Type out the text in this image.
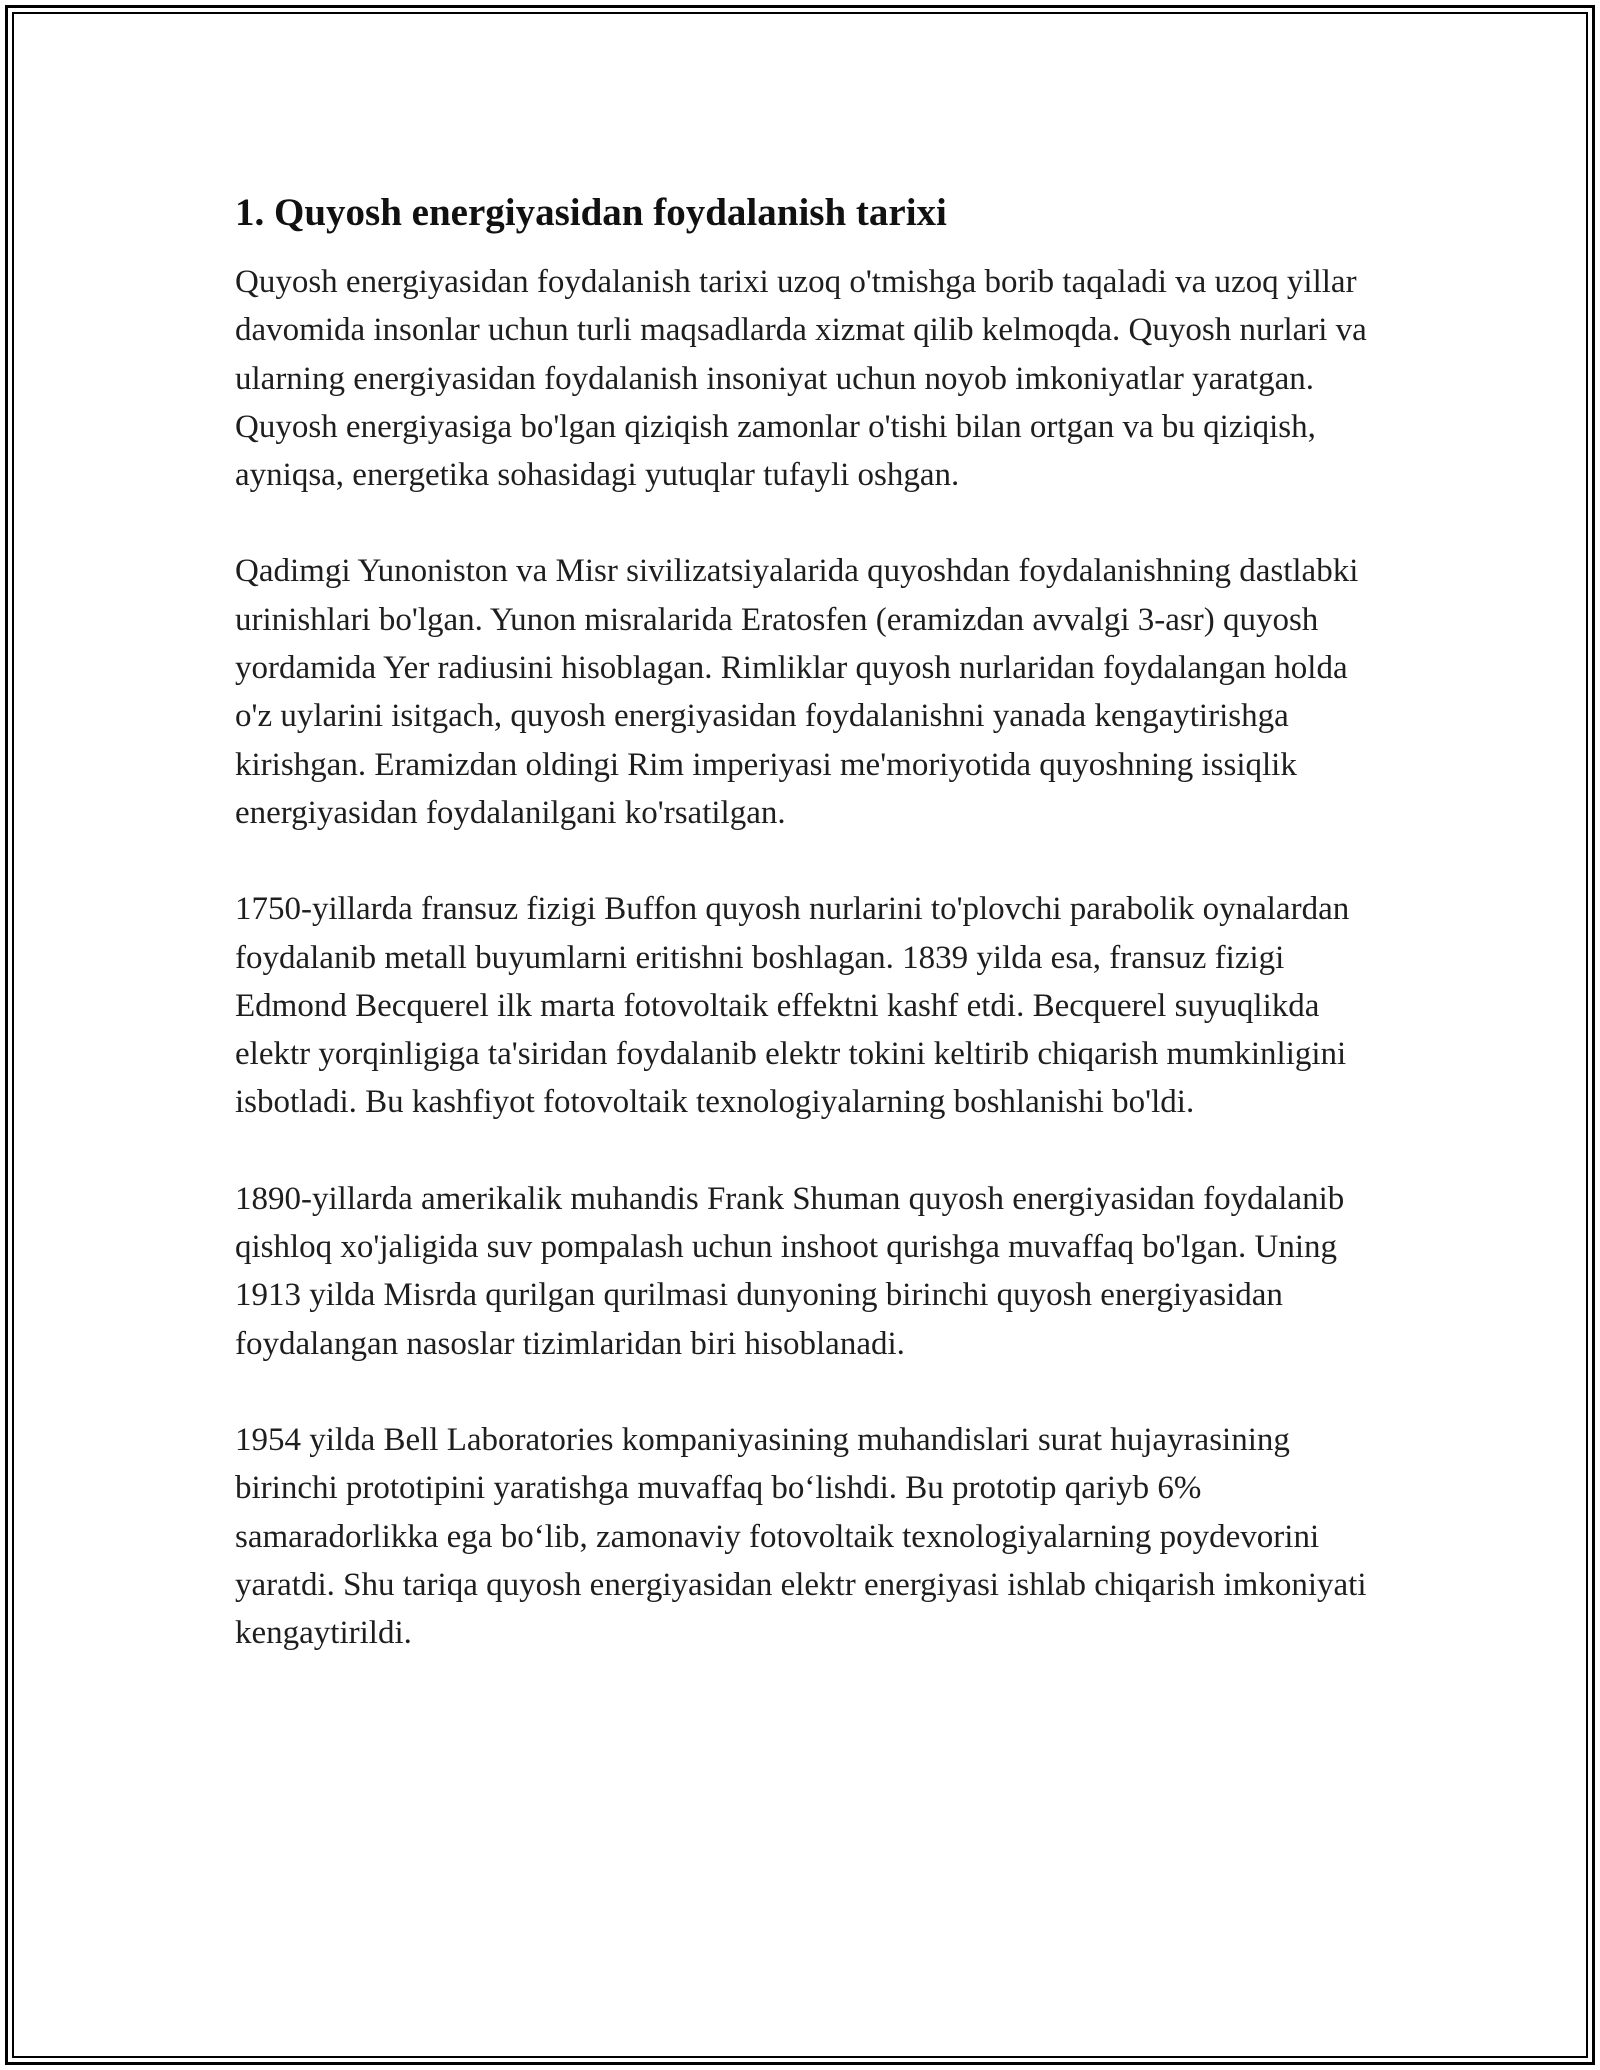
1. Quyosh energiyasidan foydalanish tarixi

Quyosh energiyasidan foydalanish tarixi uzoq o'tmishga borib taqaladi va uzoq yillar davomida insonlar uchun turli maqsadlarda xizmat qilib kelmoqda. Quyosh nurlari va ularning energiyasidan foydalanish insoniyat uchun noyob imkoniyatlar yaratgan. Quyosh energiyasiga bo'lgan qiziqish zamonlar o'tishi bilan ortgan va bu qiziqish, ayniqsa, energetika sohasidagi yutuqlar tufayli oshgan.

Qadimgi Yunoniston va Misr sivilizatsiyalarida quyoshdan foydalanishning dastlabki urinishlari bo'lgan. Yunon misralarida Eratosfen (eramizdan avvalgi 3-asr) quyosh yordamida Yer radiusini hisoblagan. Rimliklar quyosh nurlaridan foydalangan holda o'z uylarini isitgach, quyosh energiyasidan foydalanishni yanada kengaytirishga kirishgan. Eramizdan oldingi Rim imperiyasi me'moriyotida quyoshning issiqlik energiyasidan foydalanilgani ko'rsatilgan.

1750-yillarda fransuz fizigi Buffon quyosh nurlarini to'plovchi parabolik oynalardan foydalanib metall buyumlarni eritishni boshlagan. 1839 yilda esa, fransuz fizigi Edmond Becquerel ilk marta fotovoltaik effektni kashf etdi. Becquerel suyuqlikda elektr yorqinligiga ta'siridan foydalanib elektr tokini keltirib chiqarish mumkinligini isbotladi. Bu kashfiyot fotovoltaik texnologiyalarning boshlanishi bo'ldi.

1890-yillarda amerikalik muhandis Frank Shuman quyosh energiyasidan foydalanib qishloq xo'jaligida suv pompalash uchun inshoot qurishga muvaffaq bo'lgan. Uning 1913 yilda Misrda qurilgan qurilmasi dunyoning birinchi quyosh energiyasidan foydalangan nasoslar tizimlaridan biri hisoblanadi.

1954 yilda Bell Laboratories kompaniyasining muhandislari surat hujayrasining birinchi prototipini yaratishga muvaffaq bo‘lishdi. Bu prototip qariyb 6% samaradorlikka ega bo‘lib, zamonaviy fotovoltaik texnologiyalarning poydevorini yaratdi. Shu tariqa quyosh energiyasidan elektr energiyasi ishlab chiqarish imkoniyati kengaytirildi.
